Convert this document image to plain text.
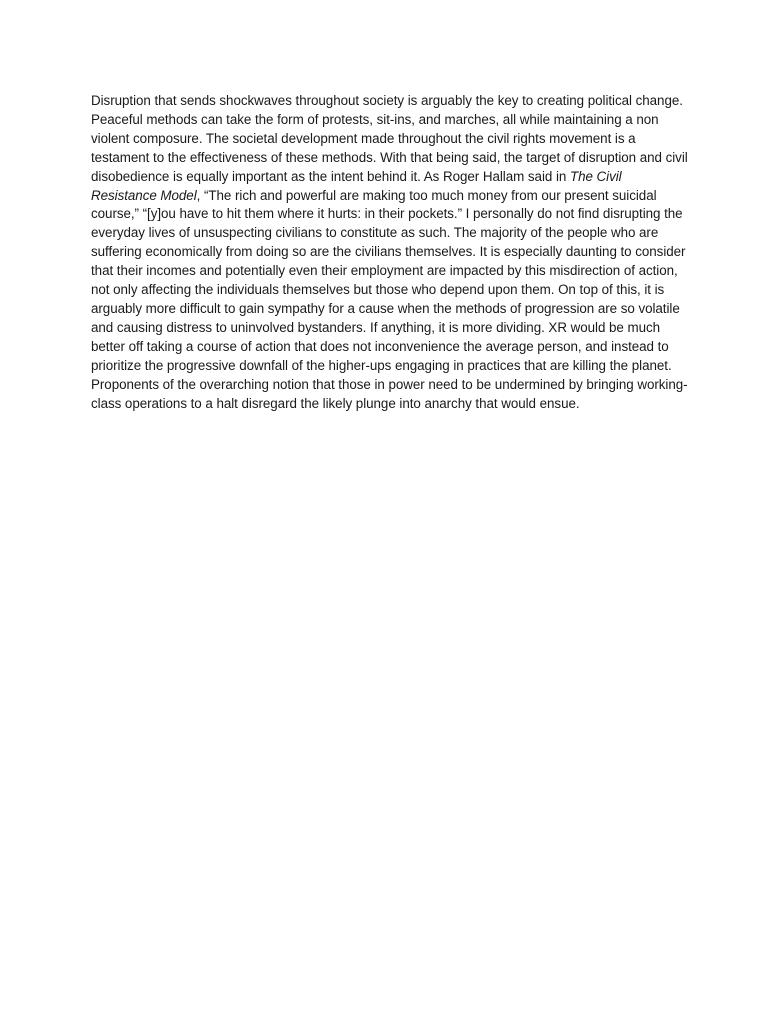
Disruption that sends shockwaves throughout society is arguably the key to creating political change. Peaceful methods can take the form of protests, sit-ins, and marches, all while maintaining a non violent composure. The societal development made throughout the civil rights movement is a testament to the effectiveness of these methods. With that being said, the target of disruption and civil disobedience is equally important as the intent behind it. As Roger Hallam said in The Civil Resistance Model, “The rich and powerful are making too much money from our present suicidal course,” “[y]ou have to hit them where it hurts: in their pockets.” I personally do not find disrupting the everyday lives of unsuspecting civilians to constitute as such. The majority of the people who are suffering economically from doing so are the civilians themselves. It is especially daunting to consider that their incomes and potentially even their employment are impacted by this misdirection of action, not only affecting the individuals themselves but those who depend upon them. On top of this, it is arguably more difficult to gain sympathy for a cause when the methods of progression are so volatile and causing distress to uninvolved bystanders. If anything, it is more dividing. XR would be much better off taking a course of action that does not inconvenience the average person, and instead to prioritize the progressive downfall of the higher-ups engaging in practices that are killing the planet. Proponents of the overarching notion that those in power need to be undermined by bringing working-class operations to a halt disregard the likely plunge into anarchy that would ensue.
